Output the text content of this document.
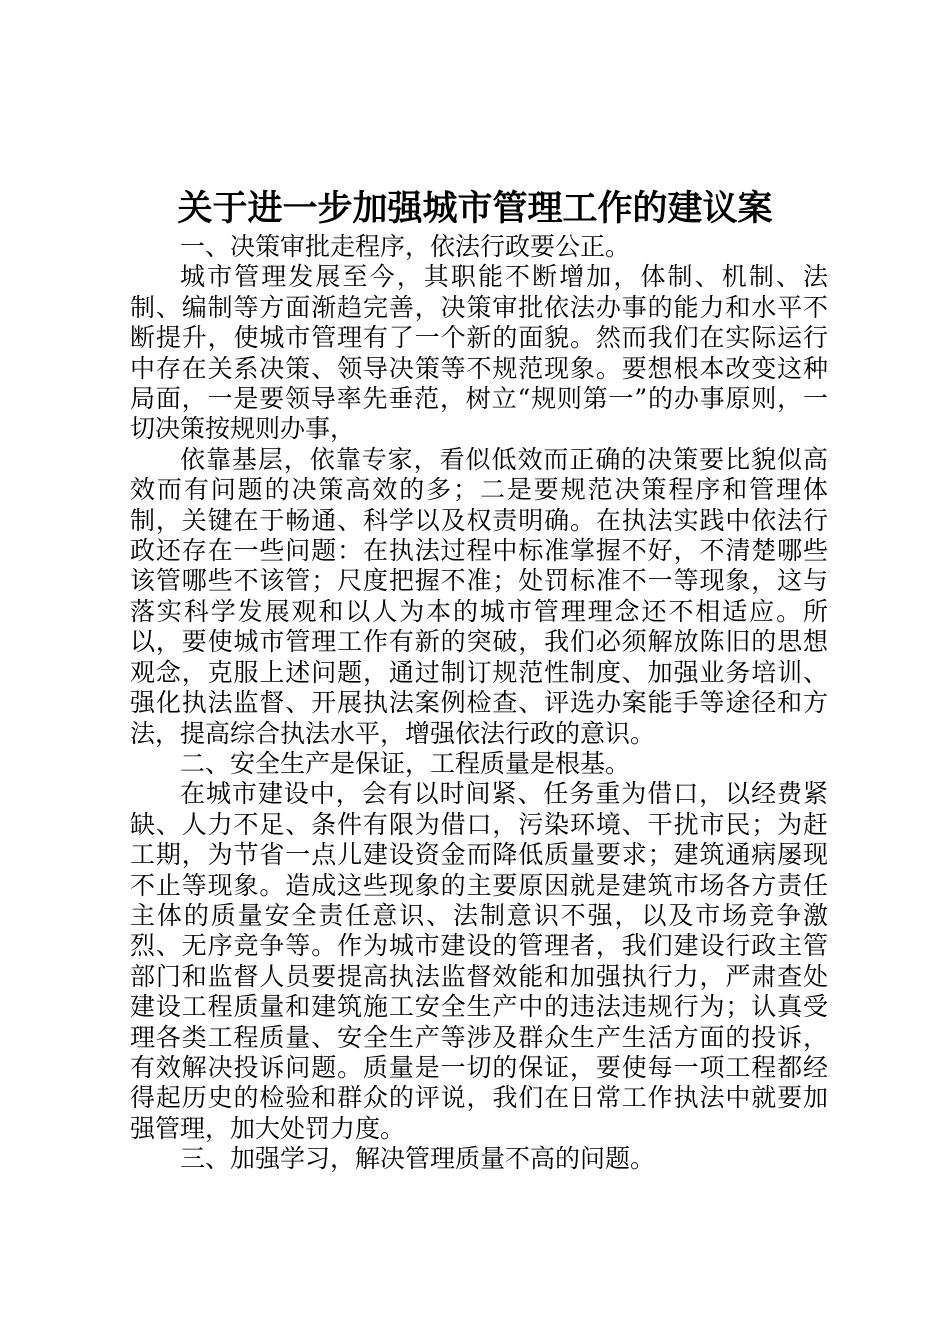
关于进一步加强城市管理工作的建议案

一、决策审批走程序，依法行政要公正。

城市管理发展至今，其职能不断增加，体制、机制、法制、编制等方面渐趋完善，决策审批依法办事的能力和水平不断提升，使城市管理有了一个新的面貌。然而我们在实际运行中存在关系决策、领导决策等不规范现象。要想根本改变这种局面，一是要领导率先垂范，树立“规则第一”的办事原则，一切决策按规则办事，

依靠基层，依靠专家，看似低效而正确的决策要比貌似高效而有问题的决策高效的多；二是要规范决策程序和管理体制，关键在于畅通、科学以及权责明确。在执法实践中依法行政还存在一些问题：在执法过程中标准掌握不好，不清楚哪些该管哪些不该管；尺度把握不准；处罚标准不一等现象，这与落实科学发展观和以人为本的城市管理理念还不相适应。所以，要使城市管理工作有新的突破，我们必须解放陈旧的思想观念，克服上述问题，通过制订规范性制度、加强业务培训、强化执法监督、开展执法案例检查、评选办案能手等途径和方法，提高综合执法水平，增强依法行政的意识。

二、安全生产是保证，工程质量是根基。

在城市建设中，会有以时间紧、任务重为借口，以经费紧缺、人力不足、条件有限为借口，污染环境、干扰市民；为赶工期，为节省一点儿建设资金而降低质量要求；建筑通病屡现不止等现象。造成这些现象的主要原因就是建筑市场各方责任主体的质量安全责任意识、法制意识不强，以及市场竞争激烈、无序竞争等。作为城市建设的管理者，我们建设行政主管部门和监督人员要提高执法监督效能和加强执行力，严肃查处建设工程质量和建筑施工安全生产中的违法违规行为；认真受理各类工程质量、安全生产等涉及群众生产生活方面的投诉，有效解决投诉问题。质量是一切的保证，要使每一项工程都经得起历史的检验和群众的评说，我们在日常工作执法中就要加强管理，加大处罚力度。

三、加强学习，解决管理质量不高的问题。
